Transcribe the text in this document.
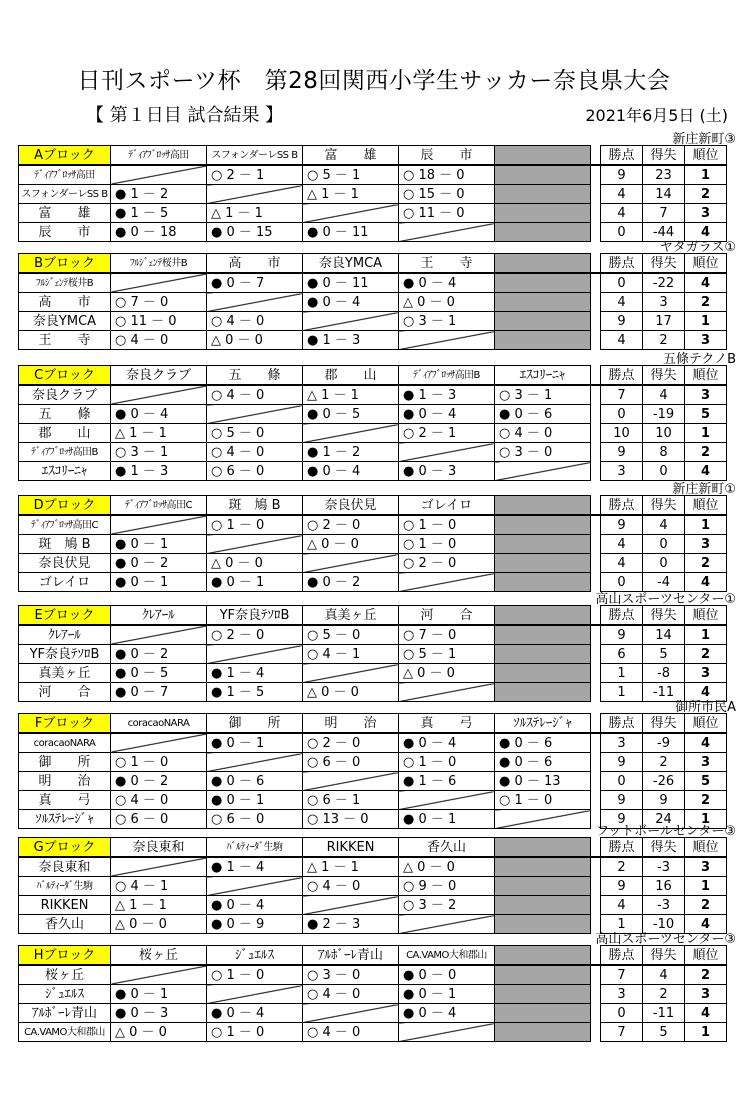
日刊スポーツ杯　第28回関西小学生サッカー奈良県大会
【 第１日目 試合結果 】	2021年6月5日 (土)
新庄新町③
Aブロック	ﾃﾞｨｱﾌﾞﾛｯｻ高田	スフォンダーレSS B	富　　雄	辰　　市			勝点	得失	順位
ﾃﾞｨｱﾌﾞﾛｯｻ高田		○ 2 － 1	○ 5 － 1	○ 18 － 0			9	23	1
スフォンダーレSS B	● 1 － 2		△ 1 － 1	○ 15 － 0			4	14	2
富　　雄	● 1 － 5	△ 1 － 1		○ 11 － 0			4	7	3
辰　　市	● 0 － 18	● 0 － 15	● 0 － 11				0	-44	4
ヤタガラス①
Bブロック	ﾌﾙｼﾞｪﾝﾃ桜井B	高　　市	奈良YMCA	王　　寺			勝点	得失	順位
ﾌﾙｼﾞｪﾝﾃ桜井B		● 0 － 7	● 0 － 11	● 0 － 4			0	-22	4
高　　市	○ 7 － 0		● 0 － 4	△ 0 － 0			4	3	2
奈良YMCA	○ 11 － 0	○ 4 － 0		○ 3 － 1			9	17	1
王　　寺	○ 4 － 0	△ 0 － 0	● 1 － 3				4	2	3
五條テクノB
Cブロック	奈良クラブ	五　　條	郡　　山	ﾃﾞｨｱﾌﾞﾛｯｻ高田B	ｴｽｺﾘｰﾆｬ		勝点	得失	順位
奈良クラブ		○ 4 － 0	△ 1 － 1	● 1 － 3	○ 3 － 1		7	4	3
五　　條	● 0 － 4		● 0 － 5	● 0 － 4	● 0 － 6		0	-19	5
郡　　山	△ 1 － 1	○ 5 － 0		○ 2 － 1	○ 4 － 0		10	10	1
ﾃﾞｨｱﾌﾞﾛｯｻ高田B	○ 3 － 1	○ 4 － 0	● 1 － 2		○ 3 － 0		9	8	2
ｴｽｺﾘｰﾆｬ	● 1 － 3	○ 6 － 0	● 0 － 4	● 0 － 3			3	0	4
新庄新町①
Dブロック	ﾃﾞｨｱﾌﾞﾛｯｻ高田C	斑　鳩 B	奈良伏見	ゴレイロ			勝点	得失	順位
ﾃﾞｨｱﾌﾞﾛｯｻ高田C		○ 1 － 0	○ 2 － 0	○ 1 － 0			9	4	1
斑　鳩 B	● 0 － 1		△ 0 － 0	○ 1 － 0			4	0	3
奈良伏見	● 0 － 2	△ 0 － 0		○ 2 － 0			4	0	2
ゴレイロ	● 0 － 1	● 0 － 1	● 0 － 2				0	-4	4
高山スポーツセンター①
Eブロック	ｸﾚｱｰﾙ	YF奈良ﾃｿﾛB	真美ヶ丘	河　　合			勝点	得失	順位
ｸﾚｱｰﾙ		○ 2 － 0	○ 5 － 0	○ 7 － 0			9	14	1
YF奈良ﾃｿﾛB	● 0 － 2		○ 4 － 1	○ 5 － 1			6	5	2
真美ヶ丘	● 0 － 5	● 1 － 4		△ 0 － 0			1	-8	3
河　　合	● 0 － 7	● 1 － 5	△ 0 － 0				1	-11	4
御所市民A
Fブロック	coracaoNARA	御　　所	明　　治	真　　弓	ｿﾙｽﾃﾚｰｼﾞｬ		勝点	得失	順位
coracaoNARA		● 0 － 1	○ 2 － 0	● 0 － 4	● 0 － 6		3	-9	4
御　　所	○ 1 － 0		○ 6 － 0	○ 1 － 0	● 0 － 6		9	2	3
明　　治	● 0 － 2	● 0 － 6		● 1 － 6	● 0 － 13		0	-26	5
真　　弓	○ 4 － 0	● 0 － 1	○ 6 － 1		○ 1 － 0		9	9	2
ｿﾙｽﾃﾚｰｼﾞｬ	○ 6 － 0	○ 6 － 0	○ 13 － 0	● 0 － 1			9	24	1
フットボールセンター③
Gブロック	奈良東和	ﾊﾞﾙﾃｨｰﾀﾞ生駒	RIKKEN	香久山			勝点	得失	順位
奈良東和		● 1 － 4	△ 1 － 1	△ 0 － 0			2	-3	3
ﾊﾞﾙﾃｨｰﾀﾞ生駒	○ 4 － 1		○ 4 － 0	○ 9 － 0			9	16	1
RIKKEN	△ 1 － 1	● 0 － 4		○ 3 － 2			4	-3	2
香久山	△ 0 － 0	● 0 － 9	● 2 － 3				1	-10	4
高山スポーツセンター③
Hブロック	桜ヶ丘	ｼﾞｭｴﾙｽ	ｱﾙﾎﾞｰﾚ青山	CA.VAMO大和郡山			勝点	得失	順位
桜ヶ丘		○ 1 － 0	○ 3 － 0	● 0 － 0			7	4	2
ｼﾞｭｴﾙｽ	● 0 － 1		○ 4 － 0	● 0 － 1			3	2	3
ｱﾙﾎﾞｰﾚ青山	● 0 － 3	● 0 － 4		● 0 － 4			0	-11	4
CA.VAMO大和郡山	△ 0 － 0	○ 1 － 0	○ 4 － 0				7	5	1
